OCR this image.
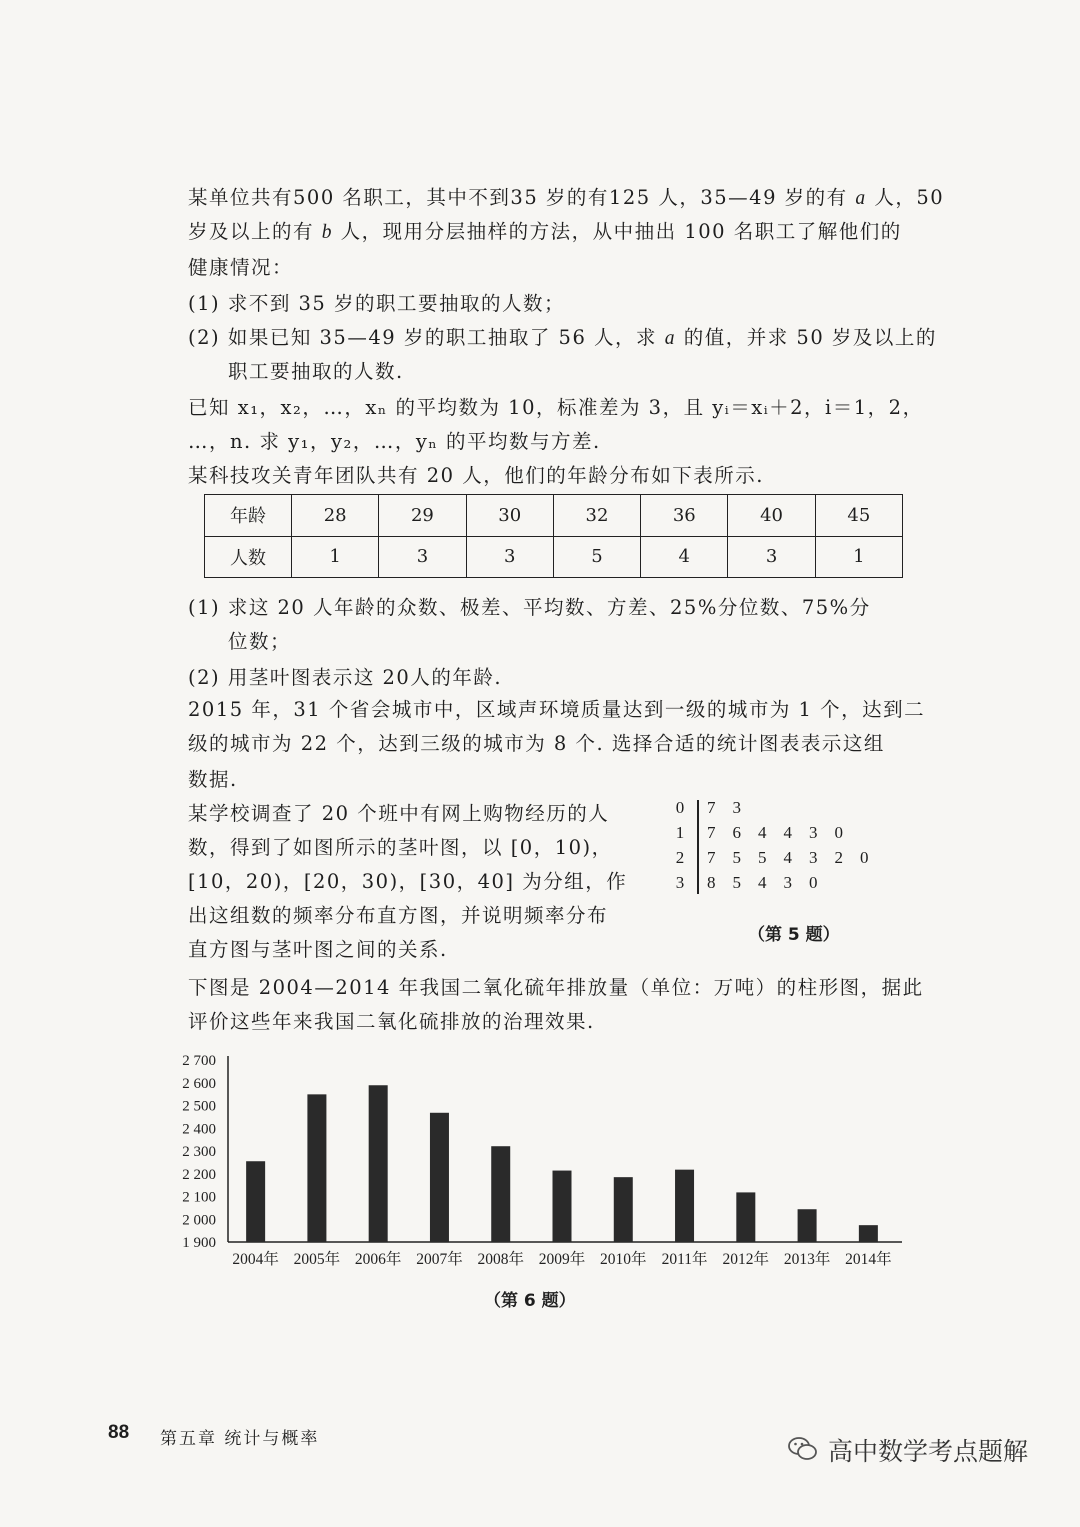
某单位共有500 名职工，其中不到35 岁的有125 人，35—49 岁的有 a 人，50
岁及以上的有 b 人，现用分层抽样的方法，从中抽出 100 名职工了解他们的
健康情况：
(1) 求不到 35 岁的职工要抽取的人数；
(2) 如果已知 35—49 岁的职工抽取了 56 人，求 a 的值，并求 50 岁及以上的
职工要抽取的人数.
已知 x₁，x₂，…，xₙ 的平均数为 10，标准差为 3，且 yᵢ＝xᵢ＋2，i＝1，2，
…，n. 求 y₁，y₂，…，yₙ 的平均数与方差.
某科技攻关青年团队共有 20 人，他们的年龄分布如下表所示.
年龄	28	29	30	32	36	40	45
人数	1	3	3	5	4	3	1
(1) 求这 20 人年龄的众数、极差、平均数、方差、25%分位数、75%分
位数；
(2) 用茎叶图表示这 20人的年龄.
2015 年，31 个省会城市中，区域声环境质量达到一级的城市为 1 个，达到二
级的城市为 22 个，达到三级的城市为 8 个. 选择合适的统计图表表示这组
数据.
某学校调查了 20 个班中有网上购物经历的人
数，得到了如图所示的茎叶图，以 [0，10)，
[10，20)，[20，30)，[30，40] 为分组，作
出这组数的频率分布直方图，并说明频率分布
直方图与茎叶图之间的关系.
0	7 3
1	7 6 4 4 3 0
2	7 5 5 4 3 2 0
3	8 5 4 3 0
（第 5 题）
下图是 2004—2014 年我国二氧化硫年排放量（单位：万吨）的柱形图，据此
评价这些年来我国二氧化硫排放的治理效果.
1 900
2 000
2 100
2 200
2 300
2 400
2 500
2 600
2 700
2004年 2005年 2006年 2007年 2008年 2009年 2010年 2011年 2012年 2013年 2014年
（第 6 题）
88 第五章 统计与概率	高中数学考点题解
